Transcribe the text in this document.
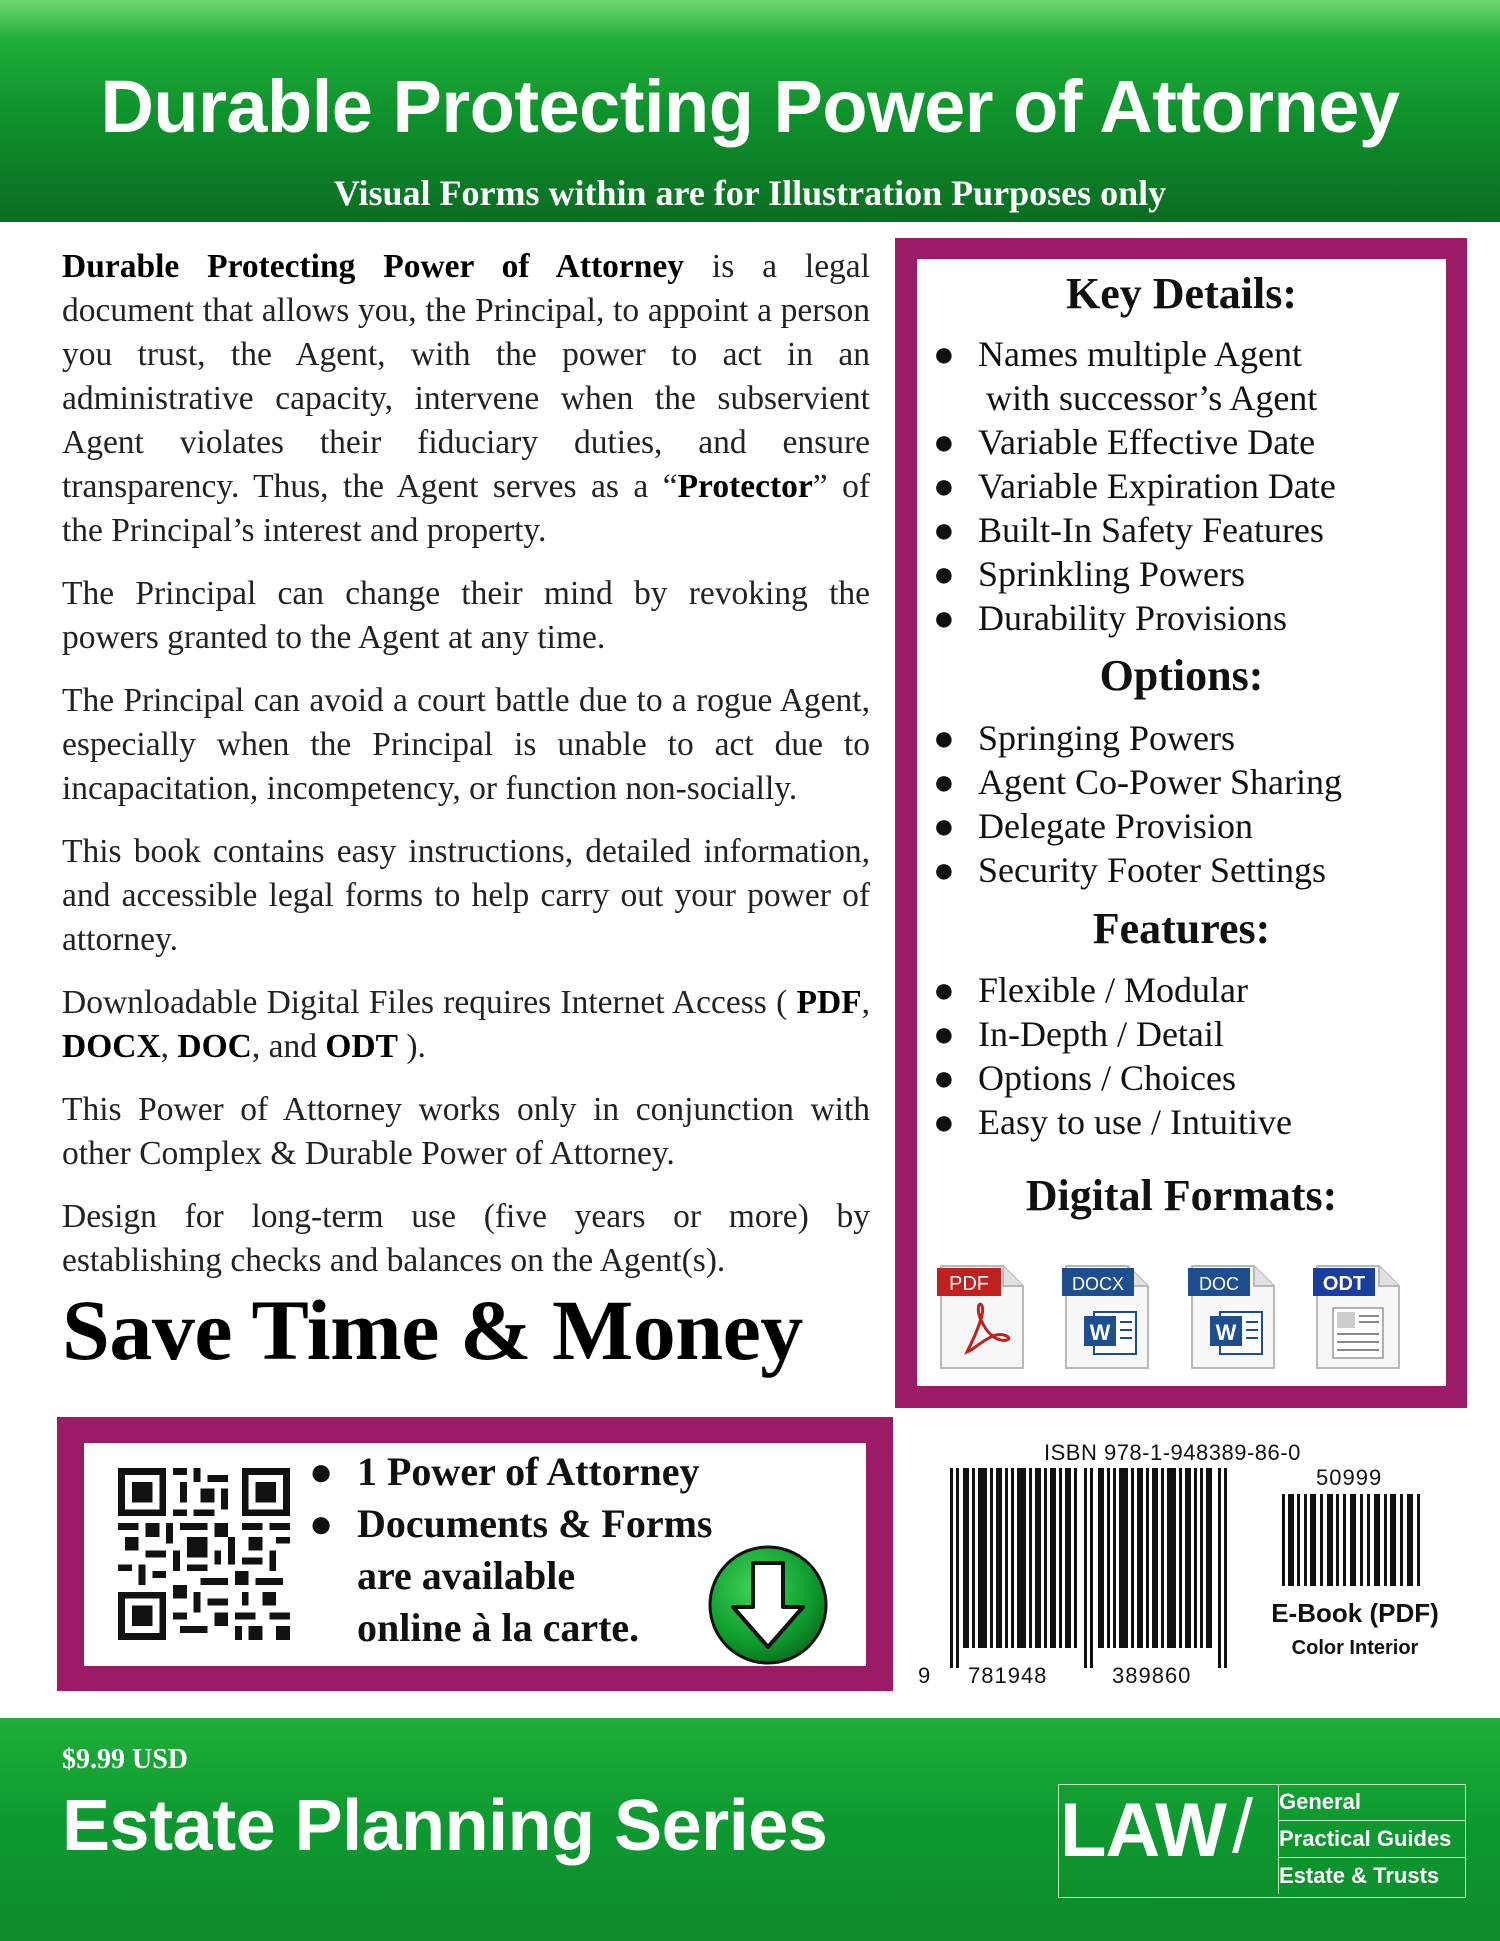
Durable Protecting Power of Attorney
Visual Forms within are for Illustration Purposes only

Durable Protecting Power of Attorney is a legal document that allows you, the Principal, to appoint a person you trust, the Agent, with the power to act in an administrative capacity, intervene when the subservient Agent violates their fiduciary duties, and ensure transparency. Thus, the Agent serves as a “Protector” of the Principal’s interest and property.

The Principal can change their mind by revoking the powers granted to the Agent at any time.

The Principal can avoid a court battle due to a rogue Agent, especially when the Principal is unable to act due to incapacitation, incompetency, or function non-socially.

This book contains easy instructions, detailed information, and accessible legal forms to help carry out your power of attorney.

Downloadable Digital Files requires Internet Access ( PDF, DOCX, DOC, and ODT ).

This Power of Attorney works only in conjunction with other Complex & Durable Power of Attorney.

Design for long-term use (five years or more) by establishing checks and balances on the Agent(s).

Save Time & Money
Key Details:
● Names multiple Agent
with successor’s Agent
● Variable Effective Date
● Variable Expiration Date
● Built-In Safety Features
● Sprinkling Powers
● Durability Provisions
Options:
● Springing Powers
● Agent Co-Power Sharing
● Delegate Provision
● Security Footer Settings
Features:
● Flexible / Modular
● In-Depth / Detail
● Options / Choices
● Easy to use / Intuitive
Digital Formats:
PDF	DOCX
W
DOC
W
ODT
● 1 Power of Attorney
● Documents & Forms
are available
online à la carte.
ISBN 978-1-948389-86-0
50999
9 781948	389860
E-Book (PDF)
Color Interior
$9.99 USD
Estate Planning Series	LAW / General
Practical Guides
Estate & Trusts
